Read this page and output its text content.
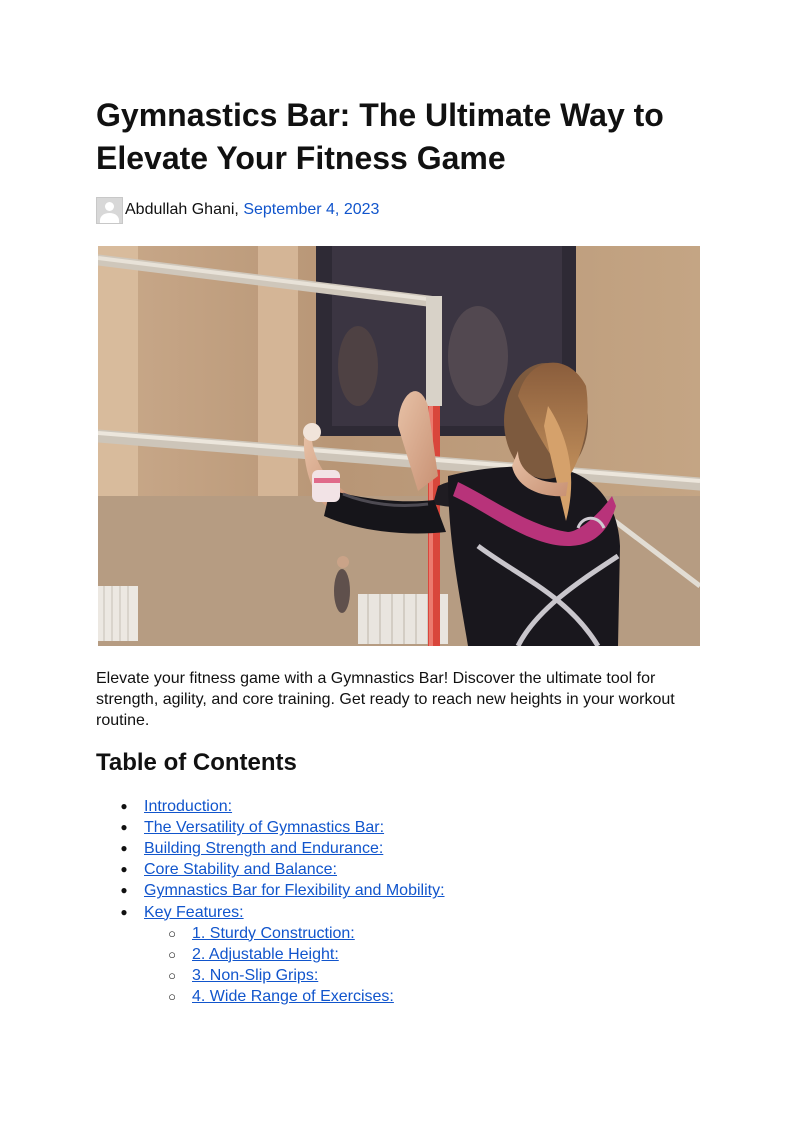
Gymnastics Bar: The Ultimate Way to Elevate Your Fitness Game
Abdullah Ghani,
September 4, 2023

Elevate your fitness game with a Gymnastics Bar! Discover the ultimate tool for strength, agility, and core training. Get ready to reach new heights in your workout routine.

Table of Contents
●	Introduction:
●	The Versatility of Gymnastics Bar:
●	Building Strength and Endurance:
●	Core Stability and Balance:
●	Gymnastics Bar for Flexibility and Mobility:
●	Key Features:
○	1. Sturdy Construction:
○	2. Adjustable Height:
○	3. Non-Slip Grips:
○	4. Wide Range of Exercises:
